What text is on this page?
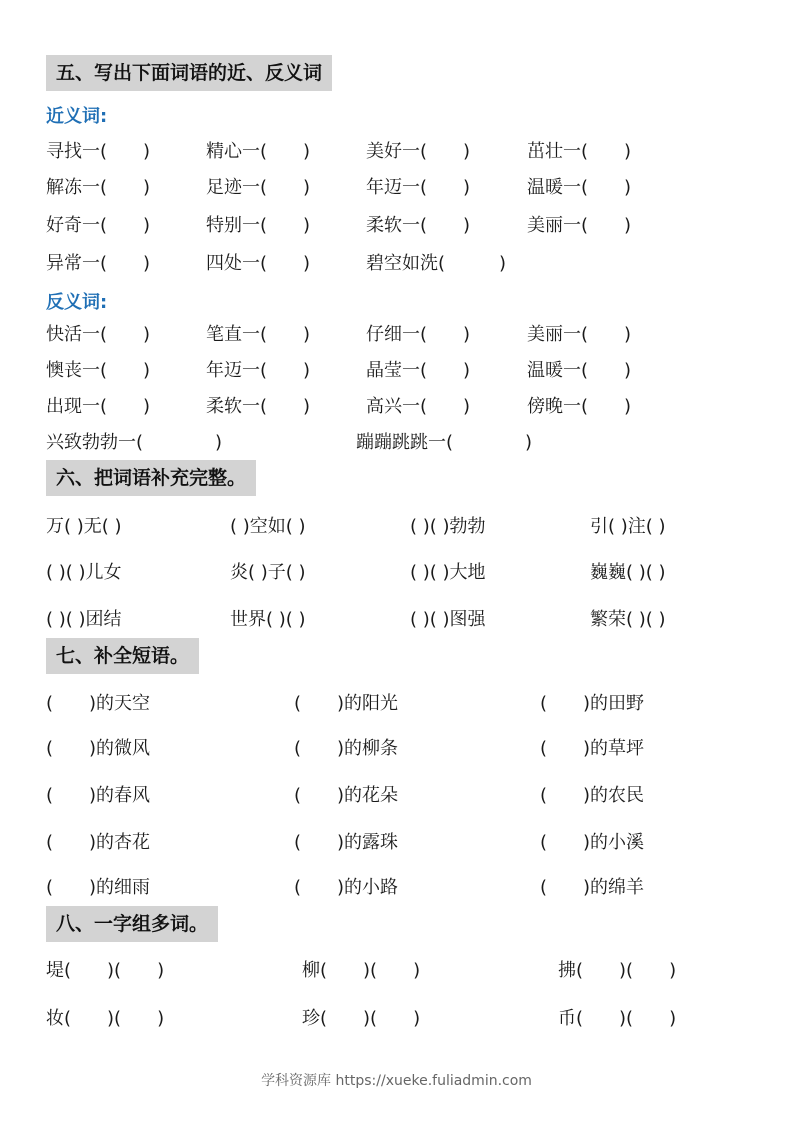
五、写出下面词语的近、反义词
近义词:
寻找一(　　)	精心一(　　)	美好一(　　)	茁壮一(　　)
解冻一(　　)	足迹一(　　)	年迈一(　　)	温暖一(　　)
好奇一(　　)	特别一(　　)	柔软一(　　)	美丽一(　　)
异常一(　　)	四处一(　　)	碧空如洗(　　　)
反义词:
快活一(　　)	笔直一(　　)	仔细一(　　)	美丽一(　　)
懊丧一(　　)	年迈一(　　)	晶莹一(　　)	温暖一(　　)
出现一(　　)	柔软一(　　)	高兴一(　　)	傍晚一(　　)
兴致勃勃一(　　　　)	蹦蹦跳跳一(　　　　)
六、把词语补充完整。
万( )无( )	( )空如( )	( )( )勃勃	引( )注( )
( )( )儿女	炎( )子( )	( )( )大地	巍巍( )( )
( )( )团结	世界( )( )	( )( )图强	繁荣( )( )
七、补全短语。
(　　)的天空	(　　)的阳光	(　　)的田野
(　　)的微风	(　　)的柳条	(　　)的草坪
(　　)的春风	(　　)的花朵	(　　)的农民
(　　)的杏花	(　　)的露珠	(　　)的小溪
(　　)的细雨	(　　)的小路	(　　)的绵羊
八、一字组多词。
堤(　　)(　　)	柳(　　)(　　)	拂(　　)(　　)
妆(　　)(　　)	珍(　　)(　　)	币(　　)(　　)
学科资源库 https://xueke.fuliadmin.com
